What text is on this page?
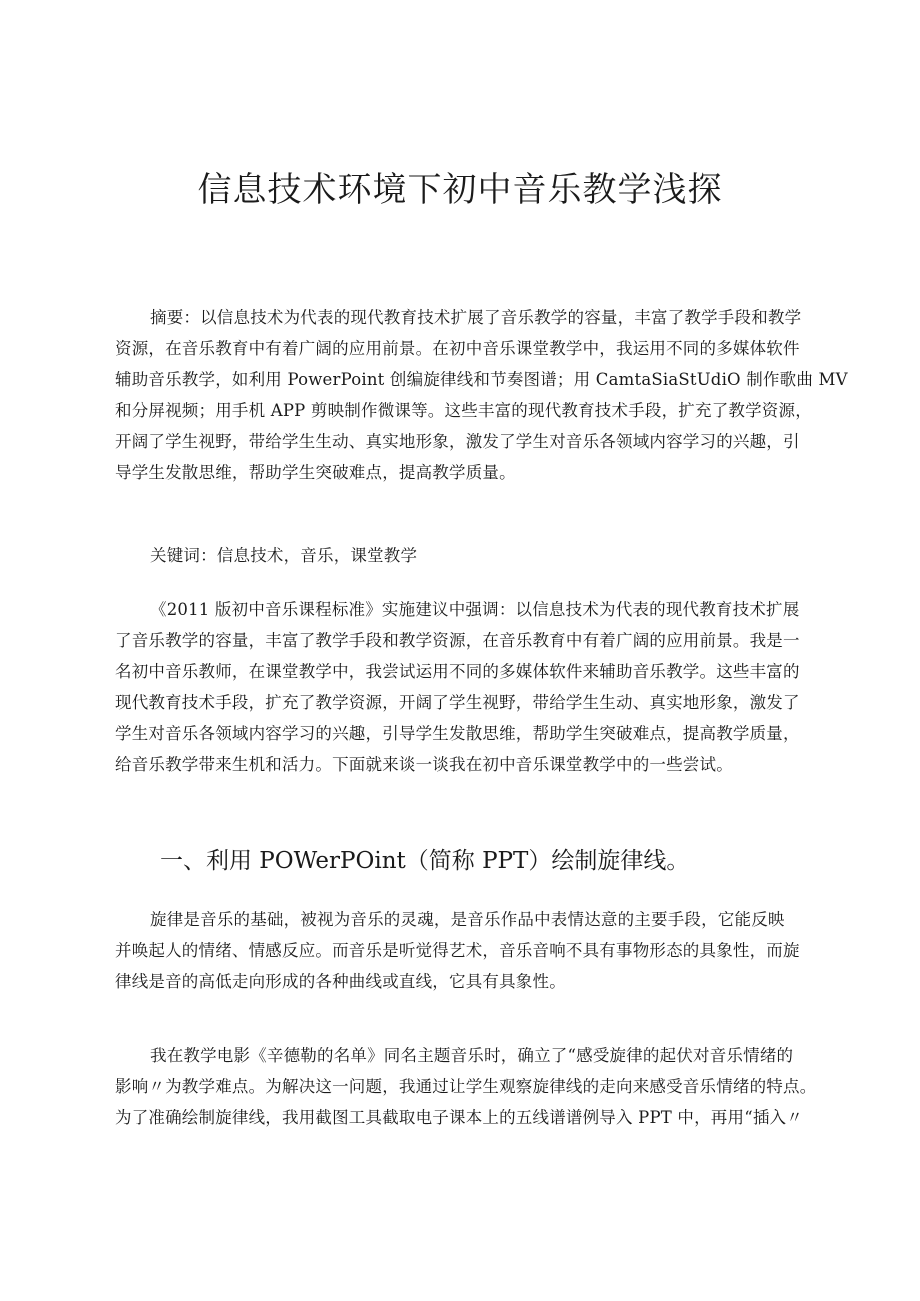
信息技术环境下初中音乐教学浅探
摘要：以信息技术为代表的现代教育技术扩展了音乐教学的容量，丰富了教学手段和教学
资源，在音乐教育中有着广阔的应用前景。在初中音乐课堂教学中，我运用不同的多媒体软件
辅助音乐教学，如利用 PowerPoint 创编旋律线和节奏图谱；用 CamtaSiaStUdiO 制作歌曲 MV
和分屏视频；用手机 APP 剪映制作微课等。这些丰富的现代教育技术手段，扩充了教学资源，
开阔了学生视野，带给学生生动、真实地形象，激发了学生对音乐各领域内容学习的兴趣，引
导学生发散思维，帮助学生突破难点，提高教学质量。
关键词：信息技术，音乐，课堂教学
《2011 版初中音乐课程标准》实施建议中强调：以信息技术为代表的现代教育技术扩展
了音乐教学的容量，丰富了教学手段和教学资源，在音乐教育中有着广阔的应用前景。我是一
名初中音乐教师，在课堂教学中，我尝试运用不同的多媒体软件来辅助音乐教学。这些丰富的
现代教育技术手段，扩充了教学资源，开阔了学生视野，带给学生生动、真实地形象，激发了
学生对音乐各领域内容学习的兴趣，引导学生发散思维，帮助学生突破难点，提高教学质量，
给音乐教学带来生机和活力。下面就来谈一谈我在初中音乐课堂教学中的一些尝试。
一、利用 POWerPOint（简称 PPT）绘制旋律线。
旋律是音乐的基础，被视为音乐的灵魂，是音乐作品中表情达意的主要手段，它能反映
并唤起人的情绪、情感反应。而音乐是听觉得艺术，音乐音响不具有事物形态的具象性，而旋
律线是音的高低走向形成的各种曲线或直线，它具有具象性。
我在教学电影《辛德勒的名单》同名主题音乐时，确立了“感受旋律的起伏对音乐情绪的
影响〃为教学难点。为解决这一问题，我通过让学生观察旋律线的走向来感受音乐情绪的特点。
为了准确绘制旋律线，我用截图工具截取电子课本上的五线谱谱例导入 PPT 中，再用“插入〃
